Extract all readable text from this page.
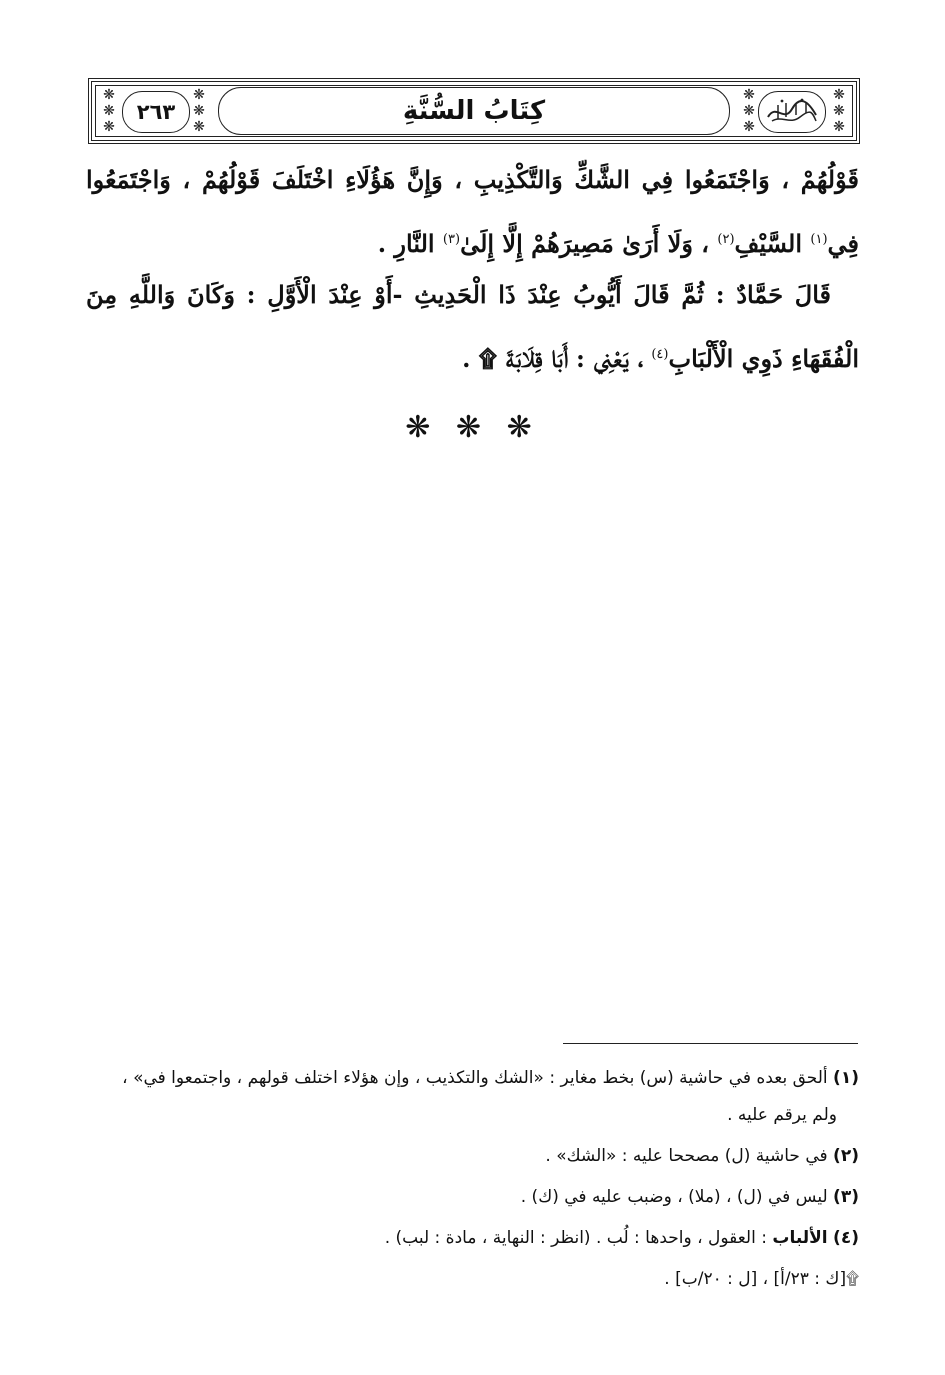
❋
❋
❋
٢٦٣
❋
❋
❋
كِتَابُ السُّنَّةِ
❋
❋
❋
❋
❋
❋

قَوْلُهُمْ ، وَاجْتَمَعُوا فِي الشَّكِّ وَالتَّكْذِيبِ ، وَإِنَّ هَؤُلَاءِ اخْتَلَفَ قَوْلُهُمْ ، وَاجْتَمَعُوا فِي$^{(١)}$ السَّيْفِ$^{(٢)}$ ، وَلَا أَرَىٰ مَصِيرَهُمْ إِلَّا إِلَىٰ$^{(٣)}$ النَّارِ .

قَالَ حَمَّادٌ : ثُمَّ قَالَ أَيُّوبُ عِنْدَ ذَا الْحَدِيثِ -أَوْ عِنْدَ الْأَوَّلِ : وَكَانَ وَاللَّهِ مِنَ الْفُقَهَاءِ ذَوِي الْأَلْبَابِ$^{(٤)}$ ، يَعْنِي : أَبَا قِلَابَةَ ۩ .

❋ ❋ ❋
(١) ألحق بعده في حاشية (س) بخط مغاير : «الشك والتكذيب ، وإن هؤلاء اختلف قولهم ، واجتمعوا في» ،
ولم يرقم عليه .
(٢) في حاشية (ل) مصححا عليه : «الشك» .
(٣) ليس في (ل) ، (ملا) ، وضبب عليه في (ك) .
(٤) الألباب : العقول ، واحدها : لُب . (انظر : النهاية ، مادة : لبب) .
۩[ك : ٢٣/أ] ، [ل : ٢٠/ب] .
